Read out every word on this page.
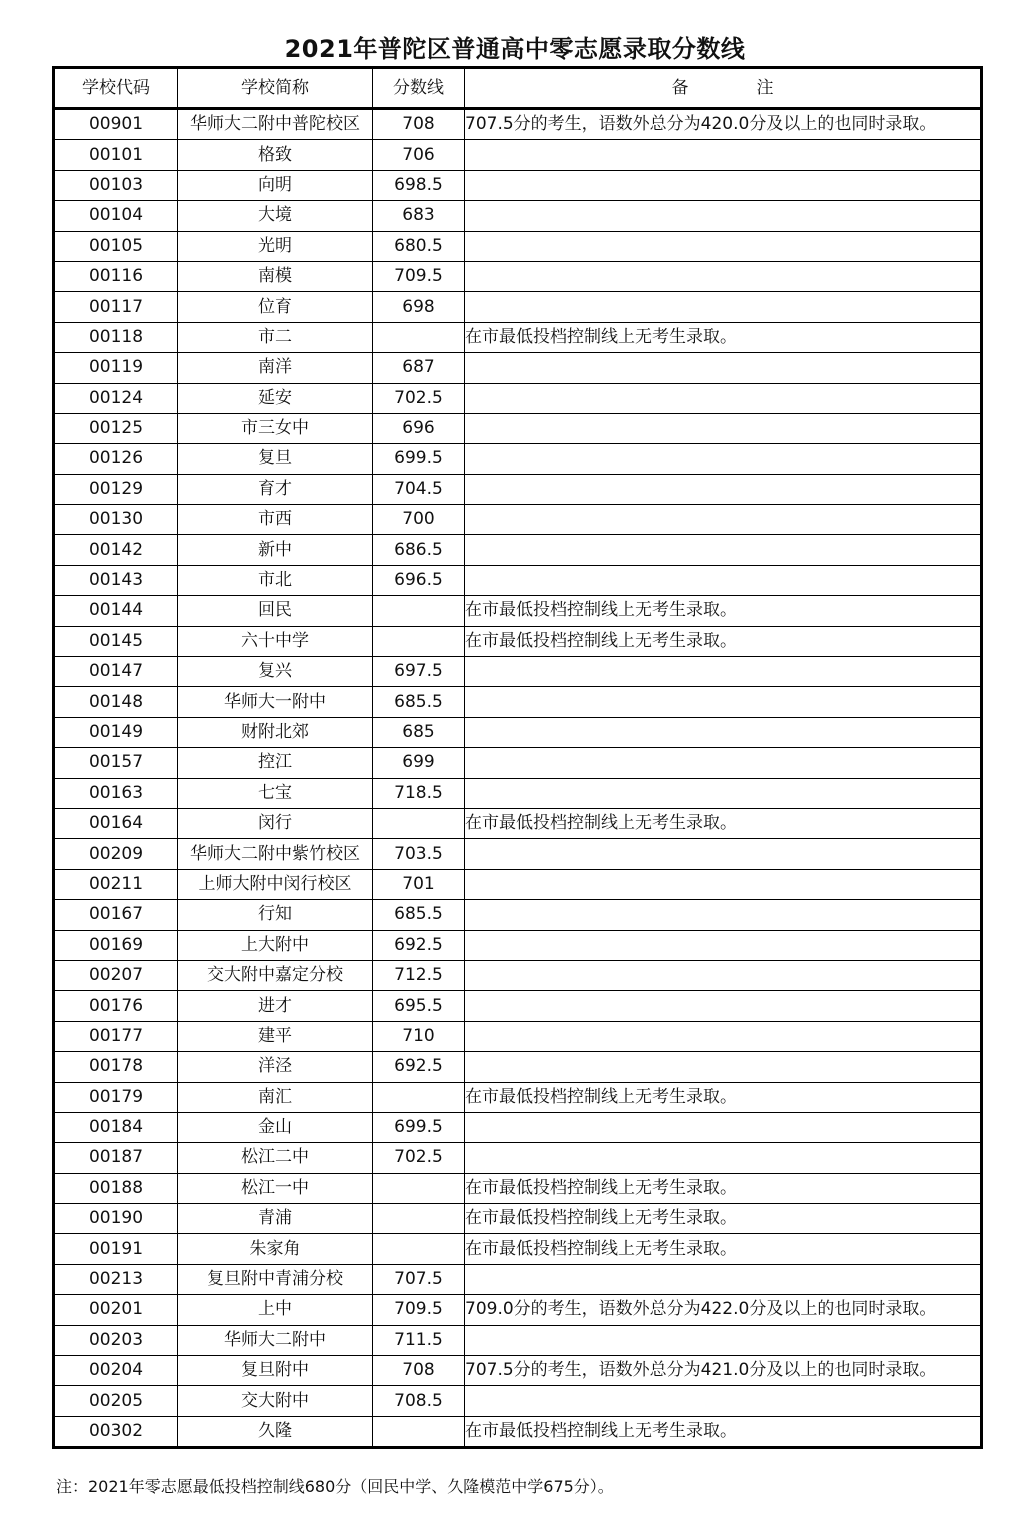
2021年普陀区普通高中零志愿录取分数线
学校代码	学校简称	分数线	备 注
00901	华师大二附中普陀校区	708	707.5分的考生，语数外总分为420.0分及以上的也同时录取。
00101	格致	706	
00103	向明	698.5	
00104	大境	683	
00105	光明	680.5	
00116	南模	709.5	
00117	位育	698	
00118	市二		在市最低投档控制线上无考生录取。
00119	南洋	687	
00124	延安	702.5	
00125	市三女中	696	
00126	复旦	699.5	
00129	育才	704.5	
00130	市西	700	
00142	新中	686.5	
00143	市北	696.5	
00144	回民		在市最低投档控制线上无考生录取。
00145	六十中学		在市最低投档控制线上无考生录取。
00147	复兴	697.5	
00148	华师大一附中	685.5	
00149	财附北郊	685	
00157	控江	699	
00163	七宝	718.5	
00164	闵行		在市最低投档控制线上无考生录取。
00209	华师大二附中紫竹校区	703.5	
00211	上师大附中闵行校区	701	
00167	行知	685.5	
00169	上大附中	692.5	
00207	交大附中嘉定分校	712.5	
00176	进才	695.5	
00177	建平	710	
00178	洋泾	692.5	
00179	南汇		在市最低投档控制线上无考生录取。
00184	金山	699.5	
00187	松江二中	702.5	
00188	松江一中		在市最低投档控制线上无考生录取。
00190	青浦		在市最低投档控制线上无考生录取。
00191	朱家角		在市最低投档控制线上无考生录取。
00213	复旦附中青浦分校	707.5	
00201	上中	709.5	709.0分的考生，语数外总分为422.0分及以上的也同时录取。
00203	华师大二附中	711.5	
00204	复旦附中	708	707.5分的考生，语数外总分为421.0分及以上的也同时录取。
00205	交大附中	708.5	
00302	久隆		在市最低投档控制线上无考生录取。
注：2021年零志愿最低投档控制线680分（回民中学、久隆模范中学675分）。
